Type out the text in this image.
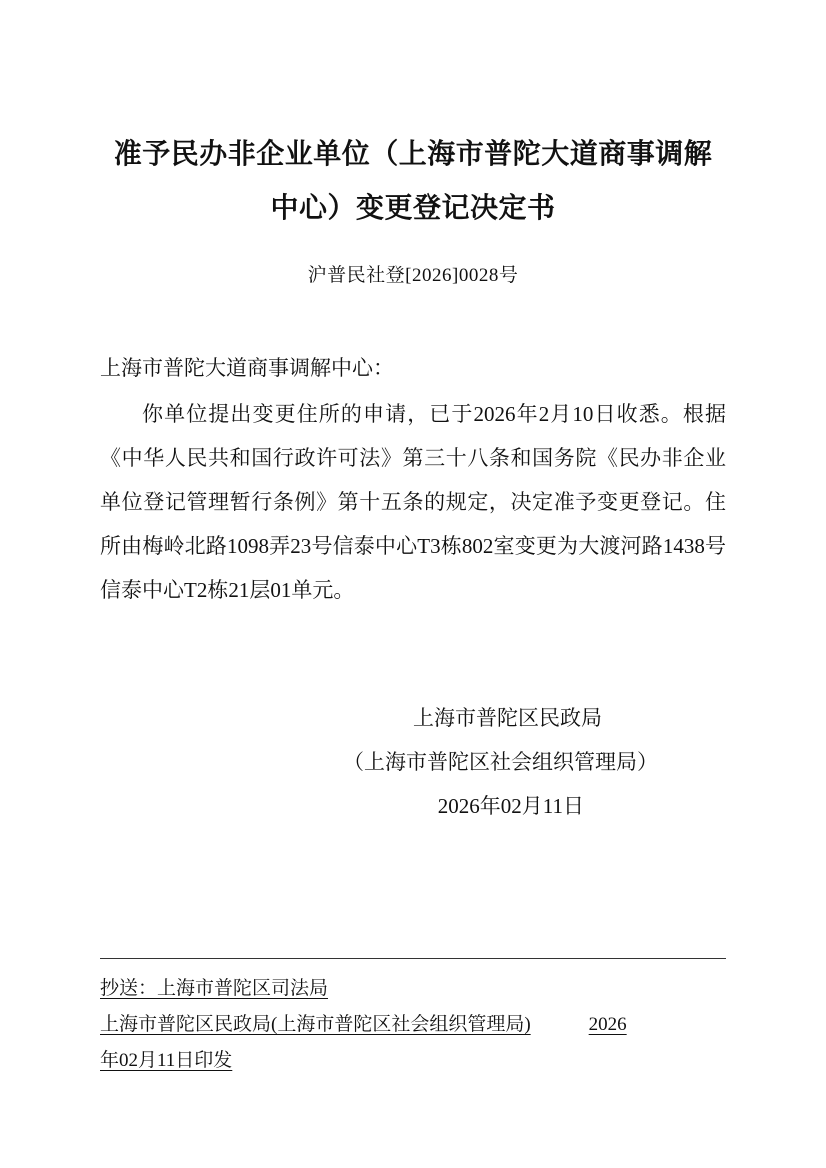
准予民办非企业单位（上海市普陀大道商事调解
中心）变更登记决定书
沪普民社登[2026]0028号

上海市普陀大道商事调解中心：

你单位提出变更住所的申请，已于2026年2月10日收悉。根据《中华人民共和国行政许可法》第三十八条和国务院《民办非企业单位登记管理暂行条例》第十五条的规定，决定准予变更登记。住所由梅岭北路1098弄23号信泰中心T3栋802室变更为大渡河路1438号信泰中心T2栋21层01单元。

上海市普陀区民政局
（上海市普陀区社会组织管理局）
2026年02月11日
抄送：上海市普陀区司法局
上海市普陀区民政局(上海市普陀区社会组织管理局)	2026
年02月11日印发
